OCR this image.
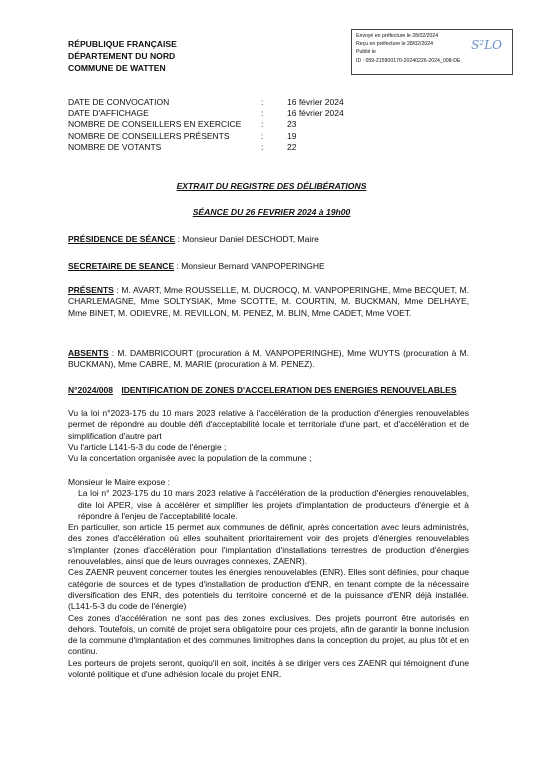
RÉPUBLIQUE FRANÇAISE
DÉPARTEMENT DU NORD
COMMUNE DE WATTEN
Envoyé en préfecture le 28/02/2024
Reçu en préfecture le 28/02/2024
Publié le
ID : 059-215900170-20240226-2024_008-DE
S²LO
DATE DE CONVOCATION	:	16 février 2024
DATE D'AFFICHAGE	:	16 février 2024
NOMBRE DE CONSEILLERS EN EXERCICE :	23
NOMBRE DE CONSEILLERS PRÉSENTS	:	19
NOMBRE DE VOTANTS	:	22
EXTRAIT DU REGISTRE DES DÉLIBÉRATIONS
SÉANCE DU 26 FEVRIER 2024 à 19h00
PRÉSIDENCE DE SÉANCE : Monsieur Daniel DESCHODT, Maire
SECRETAIRE DE SEANCE : Monsieur Bernard VANPOPERINGHE
PRÉSENTS : M. AVART, Mme ROUSSELLE, M. DUCROCQ, M. VANPOPERINGHE, Mme BECQUET, M. CHARLEMAGNE, Mme SOLTYSIAK, Mme SCOTTE, M. COURTIN, M. BUCKMAN, Mme DELHAYE, Mme BINET, M. ODIEVRE, M. REVILLON, M. PENEZ, M. BLIN, Mme CADET, Mme VOET.
ABSENTS : M. DAMBRICOURT (procuration à M. VANPOPERINGHE), Mme WUYTS (procuration à M. BUCKMAN), Mme CABRE, M. MARIE (procuration à M. PENEZ).
N°2024/008 IDENTIFICATION DE ZONES D'ACCELERATION DES ENERGIES RENOUVELABLES

Vu la loi n°2023-175 du 10 mars 2023 relative à l'accélération de la production d'énergies renouvelables permet de répondre au double défi d'acceptabilité locale et territoriale d'une part, et d'accélération et de simplification d'autre part

Vu l'article L141-5-3 du code de l'énergie ;

Vu la concertation organisée avec la population de la commune ;

Monsieur le Maire expose :

La loi n° 2023-175 du 10 mars 2023 relative à l'accélération de la production d'énergies renouvelables, dite loi APER, vise à accélérer et simplifier les projets d'implantation de producteurs d'énergie et à répondre à l'enjeu de l'acceptabilité locale.

En particulier, son article 15 permet aux communes de définir, après concertation avec leurs administrés, des zones d'accélération où elles souhaitent prioritairement voir des projets d'énergies renouvelables s'implanter (zones d'accélération pour l'implantation d'installations terrestres de production d'énergies renouvelables, ainsi que de leurs ouvrages connexes, ZAENR).

Ces ZAENR peuvent concerner toutes les énergies renouvelables (ENR). Elles sont définies, pour chaque catégorie de sources et de types d'installation de production d'ENR, en tenant compte de la nécessaire diversification des ENR, des potentiels du territoire concerné et de la puissance d'ENR déjà installée. (L141-5-3 du code de l'énergie)

Ces zones d'accélération ne sont pas des zones exclusives. Des projets pourront être autorisés en dehors. Toutefois, un comité de projet sera obligatoire pour ces projets, afin de garantir la bonne inclusion de la commune d'implantation et des communes limitrophes dans la conception du projet, au plus tôt et en continu.

Les porteurs de projets seront, quoiqu'il en soit, incités à se diriger vers ces ZAENR qui témoignent d'une volonté politique et d'une adhésion locale du projet ENR.
